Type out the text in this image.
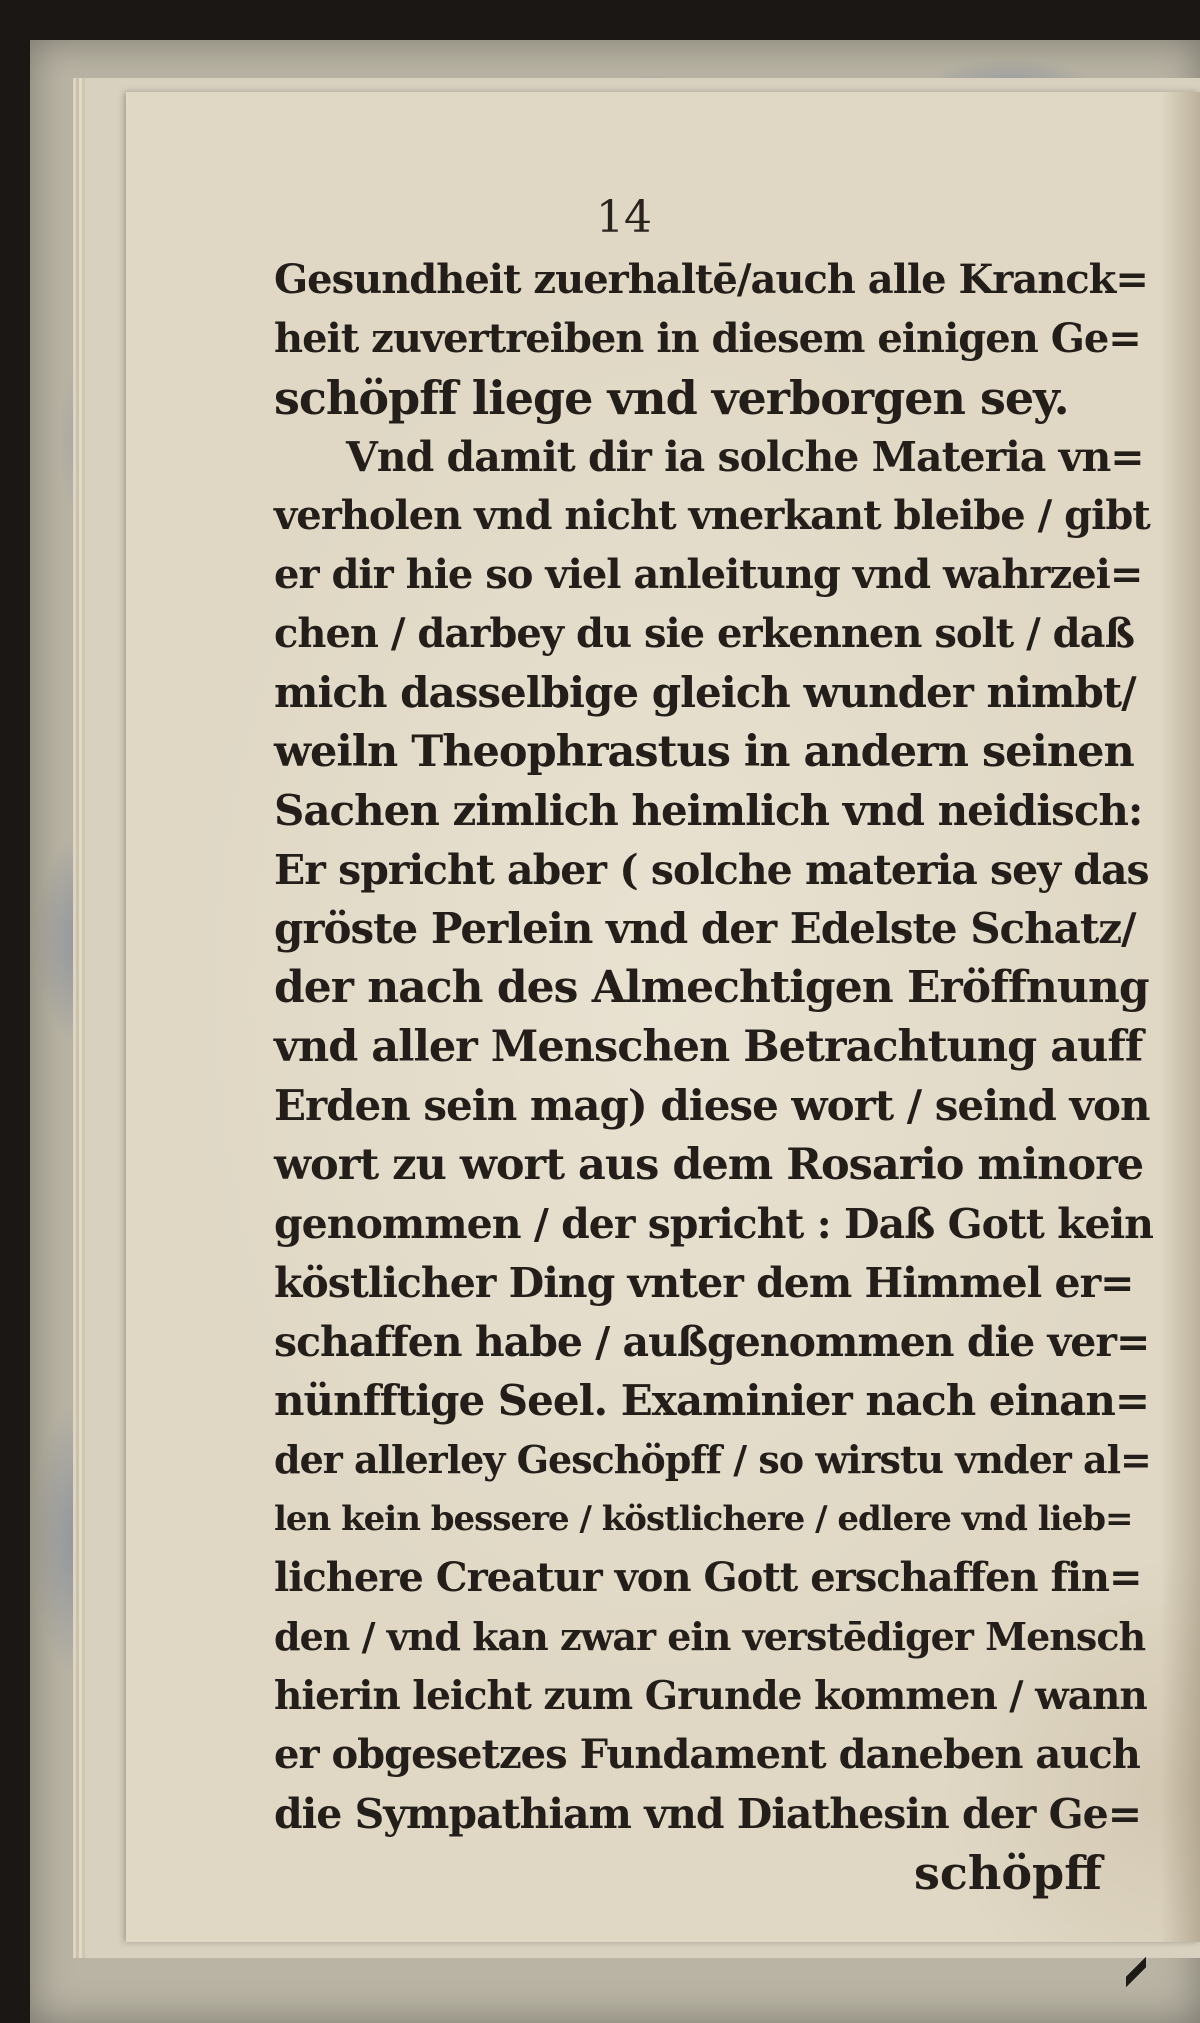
14
Gesundheit zuerhaltē/auch alle Kranck=
heit zuvertreiben in diesem einigen Ge=
schöpff liege vnd verborgen sey.
Vnd damit dir ia solche Materia vn=
verholen vnd nicht vnerkant bleibe / gibt
er dir hie so viel anleitung vnd wahrzei=
chen / darbey du sie erkennen solt / daß
mich dasselbige gleich wunder nimbt/
weiln Theophrastus in andern seinen
Sachen zimlich heimlich vnd neidisch:
Er spricht aber ( solche materia sey das
gröste Perlein vnd der Edelste Schatz/
der nach des Almechtigen Eröffnung
vnd aller Menschen Betrachtung auff
Erden sein mag) diese wort / seind von
wort zu wort aus dem Rosario minore
genommen / der spricht : Daß Gott kein
köstlicher Ding vnter dem Himmel er=
schaffen habe / außgenommen die ver=
nünfftige Seel. Examinier nach einan=
der allerley Geschöpff / so wirstu vnder al=
len kein bessere / köstlichere / edlere vnd lieb=
lichere Creatur von Gott erschaffen fin=
den / vnd kan zwar ein verstēdiger Mensch
hierin leicht zum Grunde kommen / wann
er obgesetzes Fundament daneben auch
die Sympathiam vnd Diathesin der Ge=
schöpff
